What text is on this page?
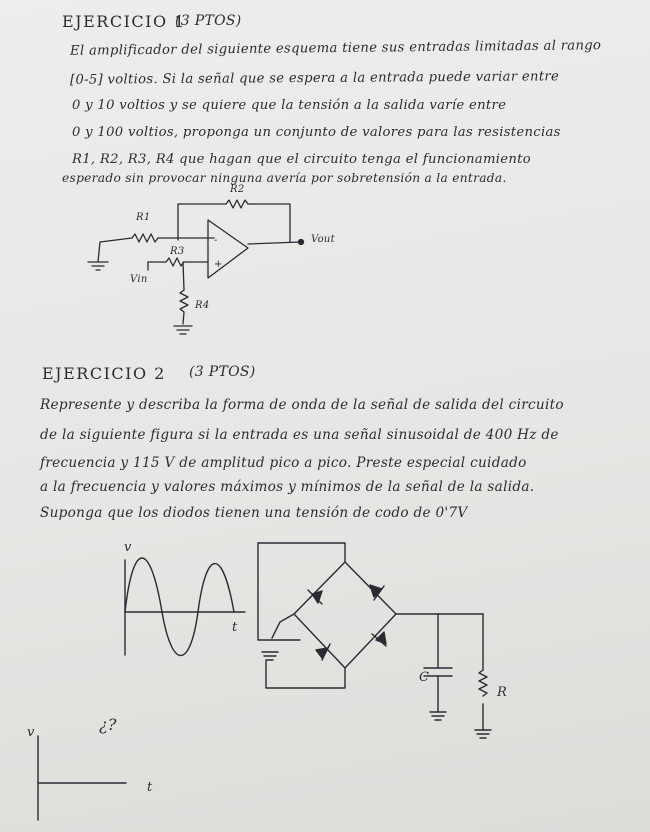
EJERCICIO 1
(3 PTOS)
El amplificador del siguiente esquema tiene sus entradas limitadas al rango
[0-5] voltios. Si la señal que se espera a la entrada puede variar entre
0 y 10 voltios y se quiere que la tensión a la salida varíe entre
0 y 100 voltios, proponga un conjunto de valores para las resistencias
R1, R2, R3, R4 que hagan que el circuito tenga el funcionamiento
esperado sin provocar ninguna avería por sobretensión a la entrada.
-
+
R2
R1
R3
R4
Vout
Vin
EJERCICIO 2 (3 PTOS)
Represente y describa la forma de onda de la señal de salida del circuito
de la siguiente figura si la entrada es una señal sinusoidal de 400 Hz de
frecuencia y 115 V de amplitud pico a pico. Preste especial cuidado
a la frecuencia y valores máximos y mínimos de la señal de la salida.
Suponga que los diodos tienen una tensión de codo de 0'7V
v
t
C
R
v	¿?
t
